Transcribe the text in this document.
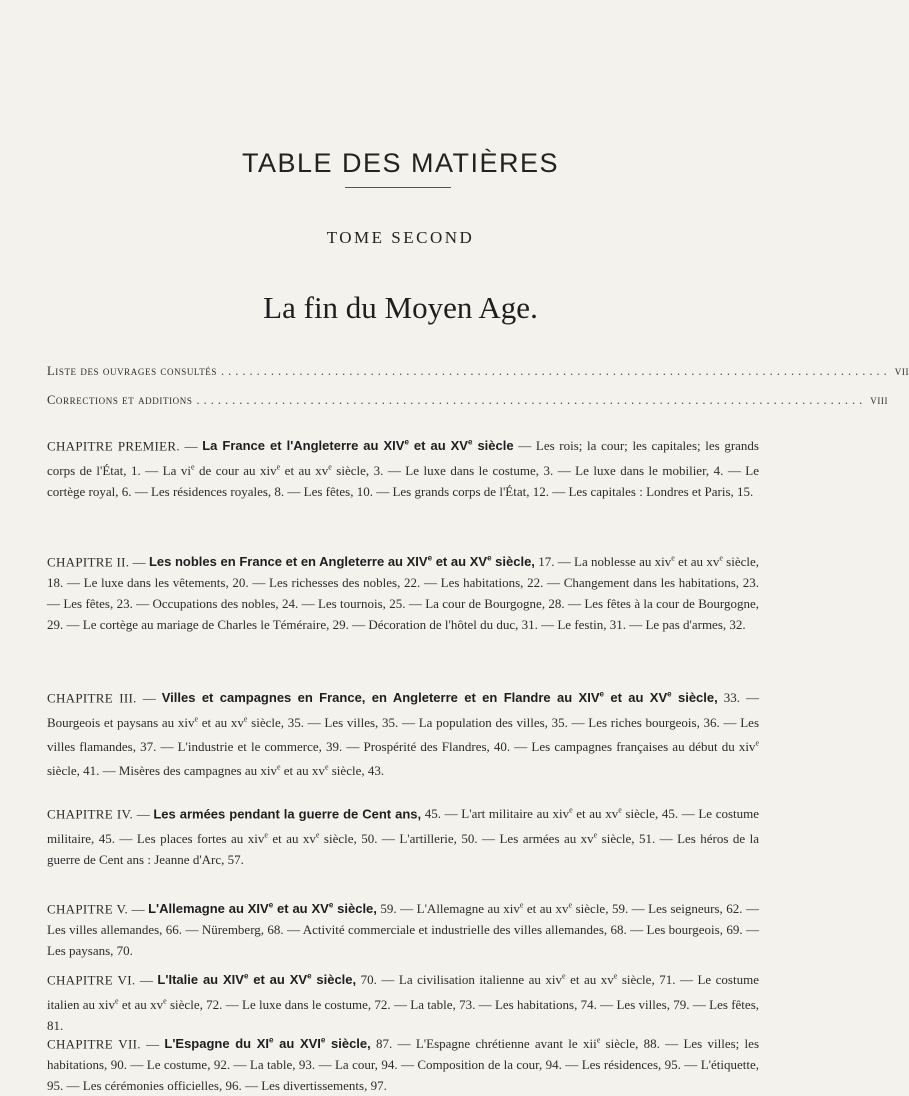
TABLE DES MATIÈRES
TOME SECOND
La fin du Moyen Age.
Liste des ouvrages consultés .............................................................................................. vii
Corrections et additions .............................................................................................. viii
CHAPITRE PREMIER. — La France et l'Angleterre au XIVe et au XVe siècle — Les rois; la cour; les capitales; les grands corps de l'État, 1. — La $vi^e$ de cour au xiv$^e$ et au $xv^e$ siècle, 3. — Le luxe dans le costume, 3. — Le luxe dans le mobilier, 4. — Le cortège royal, 6. — Les résidences royales, 8. — Les fêtes, 10. — Les grands corps de l'État, 12. — Les capitales : Londres et Paris, 15.
CHAPITRE II. — Les nobles en France et en Angleterre au XIVe et au XVe siècle, 17. — La noblesse au xiv$^e$ et au $xv^e$ siècle, 18. — Le luxe dans les vêtements, 20. — Les richesses des nobles, 22. — Les habitations, 22. — Changement dans les habitations, 23. — Les fêtes, 23. — Occupations des nobles, 24. — Les tournois, 25. — La cour de Bourgogne, 28. — Les fêtes à la cour de Bourgogne, 29. — Le cortège au mariage de Charles le Téméraire, 29. — Décoration de l'hôtel du duc, 31. — Le festin, 31. — Le pas d'armes, 32.
CHAPITRE III. — Villes et campagnes en France, en Angleterre et en Flandre au XIVe et au XVe siècle, 33. — Bourgeois et paysans au xiv$^e$ et au $xv^e$ siècle, 35. — Les villes, 35. — La population des villes, 35. — Les riches bourgeois, 36. — Les villes flamandes, 37. — L'industrie et le commerce, 39. — Prospérité des Flandres, 40. — Les campagnes françaises au début du xiv$^e$ siècle, 41. — Misères des campagnes au xiv$^e$ et au $xv^e$ siècle, 43.
CHAPITRE IV. — Les armées pendant la guerre de Cent ans, 45. — L'art militaire au xiv$^e$ et au $xv^e$ siècle, 45. — Le costume militaire, 45. — Les places fortes au xiv$^e$ et au $xv^e$ siècle, 50. — L'artillerie, 50. — Les armées au $xv^e$ siècle, 51. — Les héros de la guerre de Cent ans : Jeanne d'Arc, 57.
CHAPITRE V. — L'Allemagne au XIVe et au XVe siècle, 59. — L'Allemagne au xiv$^e$ et au $xv^e$ siècle, 59. — Les seigneurs, 62. — Les villes allemandes, 66. — Nüremberg, 68. — Activité commerciale et industrielle des villes allemandes, 68. — Les bourgeois, 69. — Les paysans, 70.
CHAPITRE VI. — L'Italie au XIVe et au XVe siècle, 70. — La civilisation italienne au xiv$^e$ et au $xv^e$ siècle, 71. — Le costume italien au xiv$^e$ et au $xv^e$ siècle, 72. — Le luxe dans le costume, 72. — La table, 73. — Les habitations, 74. — Les villes, 79. — Les fêtes, 81.
CHAPITRE VII. — L'Espagne du XIe au XVIe siècle, 87. — L'Espagne chrétienne avant le xii$^e$ siècle, 88. — Les villes; les habitations, 90. — Le costume, 92. — La table, 93. — La cour, 94. — Composition de la cour, 94. — Les résidences, 95. — L'étiquette, 95. — Les cérémonies officielles, 96. — Les divertissements, 97.
